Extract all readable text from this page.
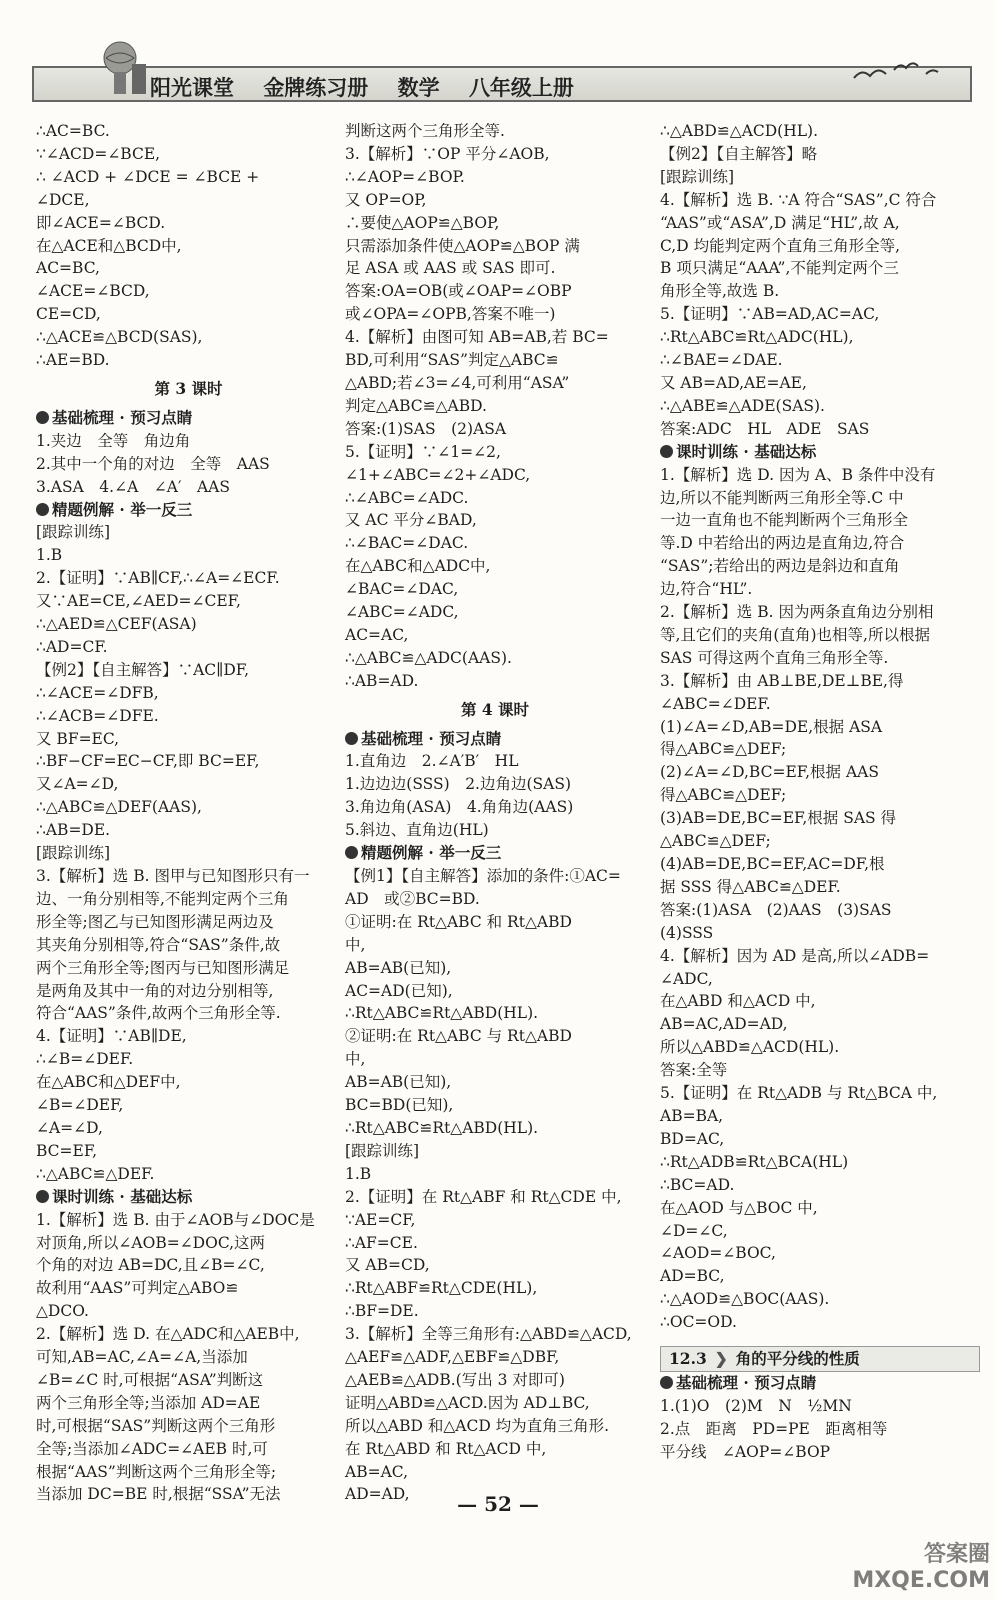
阳光课堂 金牌练习册 数学 八年级上册
∴AC=BC.
∵∠ACD=∠BCE,
∴ ∠ACD + ∠DCE = ∠BCE +
∠DCE,
即∠ACE=∠BCD.
在△ACE和△BCD中,
AC=BC,
∠ACE=∠BCD,
CE=CD,
∴△ACE≌△BCD(SAS),
∴AE=BD.
第 3 课时
基础梳理 · 预习点睛
1.夹边　全等　角边角
2.其中一个角的对边　全等　AAS
3.ASA　4.∠A　∠A′　AAS
精题例解 · 举一反三
[跟踪训练]
1.B
2.【证明】∵AB∥CF,∴∠A=∠ECF.
又∵AE=CE,∠AED=∠CEF,
∴△AED≌△CEF(ASA)
∴AD=CF.
【例2】【自主解答】∵AC∥DF,
∴∠ACE=∠DFB,
∴∠ACB=∠DFE.
又 BF=EC,
∴BF−CF=EC−CF,即 BC=EF,
又∠A=∠D,
∴△ABC≌△DEF(AAS),
∴AB=DE.
[跟踪训练]
3.【解析】选 B. 图甲与已知图形只有一
边、一角分别相等,不能判定两个三角
形全等;图乙与已知图形满足两边及
其夹角分别相等,符合“SAS”条件,故
两个三角形全等;图丙与已知图形满足
是两角及其中一角的对边分别相等,
符合“AAS”条件,故两个三角形全等.
4.【证明】∵AB∥DE,
∴∠B=∠DEF.
在△ABC和△DEF中,
∠B=∠DEF,
∠A=∠D,
BC=EF,
∴△ABC≌△DEF.
课时训练 · 基础达标
1.【解析】选 B. 由于∠AOB与∠DOC是
对顶角,所以∠AOB=∠DOC,这两
个角的对边 AB=DC,且∠B=∠C,
故利用“AAS”可判定△ABO≌
△DCO.
2.【解析】选 D. 在△ADC和△AEB中,
可知,AB=AC,∠A=∠A,当添加
∠B=∠C 时,可根据“ASA”判断这
两个三角形全等;当添加 AD=AE
时,可根据“SAS”判断这两个三角形
全等;当添加∠ADC=∠AEB 时,可
根据“AAS”判断这两个三角形全等;
当添加 DC=BE 时,根据“SSA”无法
判断这两个三角形全等.
3.【解析】∵OP 平分∠AOB,
∴∠AOP=∠BOP.
又 OP=OP,
∴要使△AOP≌△BOP,
只需添加条件使△AOP≌△BOP 满
足 ASA 或 AAS 或 SAS 即可.
答案:OA=OB(或∠OAP=∠OBP
或∠OPA=∠OPB,答案不唯一)
4.【解析】由图可知 AB=AB,若 BC=
BD,可利用“SAS”判定△ABC≌
△ABD;若∠3=∠4,可利用“ASA”
判定△ABC≌△ABD.
答案:(1)SAS　(2)ASA
5.【证明】∵∠1=∠2,
∠1+∠ABC=∠2+∠ADC,
∴∠ABC=∠ADC.
又 AC 平分∠BAD,
∴∠BAC=∠DAC.
在△ABC和△ADC中,
∠BAC=∠DAC,
∠ABC=∠ADC,
AC=AC,
∴△ABC≌△ADC(AAS).
∴AB=AD.
第 4 课时
基础梳理 · 预习点睛
1.直角边　2.∠A′B′　HL
1.边边边(SSS)　2.边角边(SAS)
3.角边角(ASA)　4.角角边(AAS)
5.斜边、直角边(HL)
精题例解 · 举一反三
【例1】【自主解答】添加的条件:①AC=
AD　或②BC=BD.
①证明:在 Rt△ABC 和 Rt△ABD
中,
AB=AB(已知),
AC=AD(已知),
∴Rt△ABC≌Rt△ABD(HL).
②证明:在 Rt△ABC 与 Rt△ABD
中,
AB=AB(已知),
BC=BD(已知),
∴Rt△ABC≌Rt△ABD(HL).
[跟踪训练]
1.B
2.【证明】在 Rt△ABF 和 Rt△CDE 中,
∵AE=CF,
∴AF=CE.
又 AB=CD,
∴Rt△ABF≌Rt△CDE(HL),
∴BF=DE.
3.【解析】全等三角形有:△ABD≌△ACD,
△AEF≌△ADF,△EBF≌△DBF,
△AEB≌△ADB.(写出 3 对即可)
证明△ABD≌△ACD.因为 AD⊥BC,
所以△ABD 和△ACD 均为直角三角形.
在 Rt△ABD 和 Rt△ACD 中,
AB=AC,
AD=AD,
∴△ABD≌△ACD(HL).
【例2】【自主解答】略
[跟踪训练]
4.【解析】选 B. ∵A 符合“SAS”,C 符合
“AAS”或“ASA”,D 满足“HL”,故 A,
C,D 均能判定两个直角三角形全等,
B 项只满足“AAA”,不能判定两个三
角形全等,故选 B.
5.【证明】∵AB=AD,AC=AC,
∴Rt△ABC≌Rt△ADC(HL),
∴∠BAE=∠DAE.
又 AB=AD,AE=AE,
∴△ABE≌△ADE(SAS).
答案:ADC　HL　ADE　SAS
课时训练 · 基础达标
1.【解析】选 D. 因为 A、B 条件中没有
边,所以不能判断两三角形全等.C 中
一边一直角也不能判断两个三角形全
等.D 中若给出的两边是直角边,符合
“SAS”;若给出的两边是斜边和直角
边,符合“HL”.
2.【解析】选 B. 因为两条直角边分别相
等,且它们的夹角(直角)也相等,所以根据
SAS 可得这两个直角三角形全等.
3.【解析】由 AB⊥BE,DE⊥BE,得
∠ABC=∠DEF.
(1)∠A=∠D,AB=DE,根据 ASA
得△ABC≌△DEF;
(2)∠A=∠D,BC=EF,根据 AAS
得△ABC≌△DEF;
(3)AB=DE,BC=EF,根据 SAS 得
△ABC≌△DEF;
(4)AB=DE,BC=EF,AC=DF,根
据 SSS 得△ABC≌△DEF.
答案:(1)ASA　(2)AAS　(3)SAS
(4)SSS
4.【解析】因为 AD 是高,所以∠ADB=
∠ADC,
在△ABD 和△ACD 中,
AB=AC,AD=AD,
所以△ABD≌△ACD(HL).
答案:全等
5.【证明】在 Rt△ADB 与 Rt△BCA 中,
AB=BA,
BD=AC,
∴Rt△ADB≌Rt△BCA(HL)
∴BC=AD.
在△AOD 与△BOC 中,
∠D=∠C,
∠AOD=∠BOC,
AD=BC,
∴△AOD≌△BOC(AAS).
∴OC=OD.
12.3 ❯ 角的平分线的性质
基础梳理 · 预习点睛
1.(1)O　(2)M　N　½MN
2.点　距离　PD=PE　距离相等
平分线　∠AOP=∠BOP
— 52 —
答案圈
MXQE.COM
